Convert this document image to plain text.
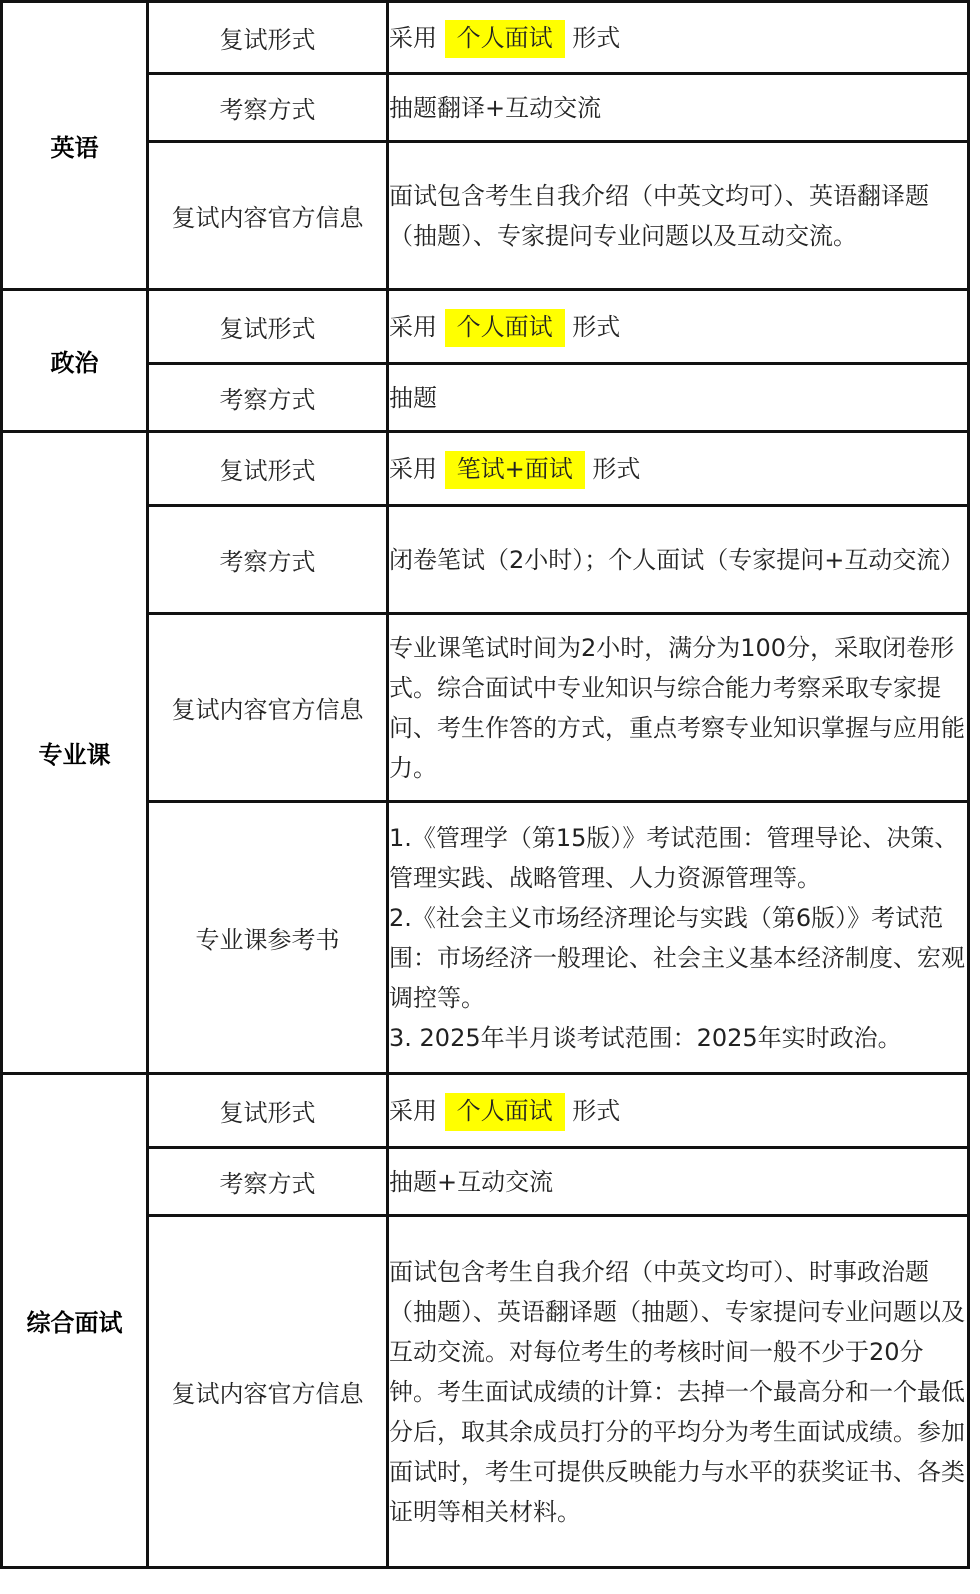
英语	复试形式	采用 个人面试 形式
	考察方式	抽题翻译+互动交流
	复试内容官方信息	面试包含考生自我介绍（中英文均可）、英语翻译题（抽题）、专家提问专业问题以及互动交流。
政治	复试形式	采用 个人面试 形式
	考察方式	抽题
专业课	复试形式	采用 笔试+面试 形式
	考察方式	闭卷笔试（2小时）；个人面试（专家提问+互动交流）
	复试内容官方信息	专业课笔试时间为2小时，满分为100分，采取闭卷形式。综合面试中专业知识与综合能力考察采取专家提问、考生作答的方式，重点考察专业知识掌握与应用能力。
	专业课参考书	1.《管理学（第15版）》考试范围：管理导论、决策、管理实践、战略管理、人力资源管理等。
2.《社会主义市场经济理论与实践（第6版）》考试范围：市场经济一般理论、社会主义基本经济制度、宏观调控等。
3. 2025年半月谈考试范围：2025年实时政治。

综合面试	复试形式	采用 个人面试 形式
	考察方式	抽题+互动交流
	复试内容官方信息	面试包含考生自我介绍（中英文均可）、时事政治题（抽题）、英语翻译题（抽题）、专家提问专业问题以及互动交流。对每位考生的考核时间一般不少于20分钟。考生面试成绩的计算：去掉一个最高分和一个最低分后，取其余成员打分的平均分为考生面试成绩。参加面试时，考生可提供反映能力与水平的获奖证书、各类证明等相关材料。
